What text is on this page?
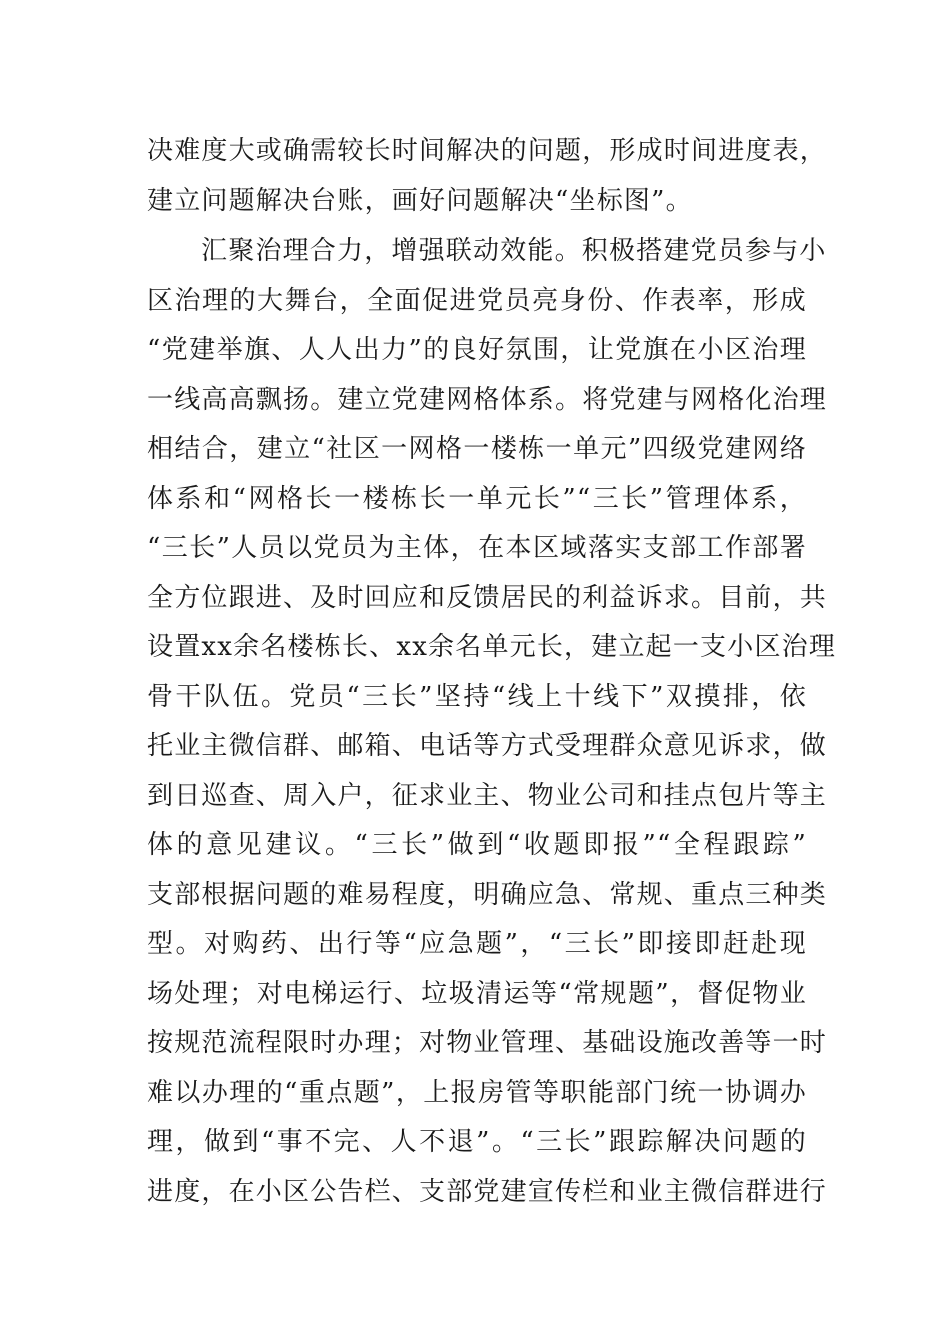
决难度大或确需较长时间解决的问题，形成时间进度表，
建立问题解决台账，画好问题解决“坐标图”。
汇聚治理合力，增强联动效能。积极搭建党员参与小
区治理的大舞台，全面促进党员亮身份、作表率，形成
“党建举旗、人人出力”的良好氛围，让党旗在小区治理
一线高高飘扬。建立党建网格体系。将党建与网格化治理
相结合，建立“社区一网格一楼栋一单元”四级党建网络
体系和“网格长一楼栋长一单元长”“三长”管理体系，
“三长”人员以党员为主体，在本区域落实支部工作部署
全方位跟进、及时回应和反馈居民的利益诉求。目前，共
设置xx余名楼栋长、xx余名单元长，建立起一支小区治理
骨干队伍。党员“三长”坚持“线上十线下”双摸排，依
托业主微信群、邮箱、电话等方式受理群众意见诉求，做
到日巡查、周入户，征求业主、物业公司和挂点包片等主
体的意见建议。“三长”做到“收题即报”“全程跟踪”
支部根据问题的难易程度，明确应急、常规、重点三种类
型。对购药、出行等“应急题”，“三长”即接即赶赴现
场处理；对电梯运行、垃圾清运等“常规题”，督促物业
按规范流程限时办理；对物业管理、基础设施改善等一时
难以办理的“重点题”，上报房管等职能部门统一协调办
理，做到“事不完、人不退”。“三长”跟踪解决问题的
进度，在小区公告栏、支部党建宣传栏和业主微信群进行
